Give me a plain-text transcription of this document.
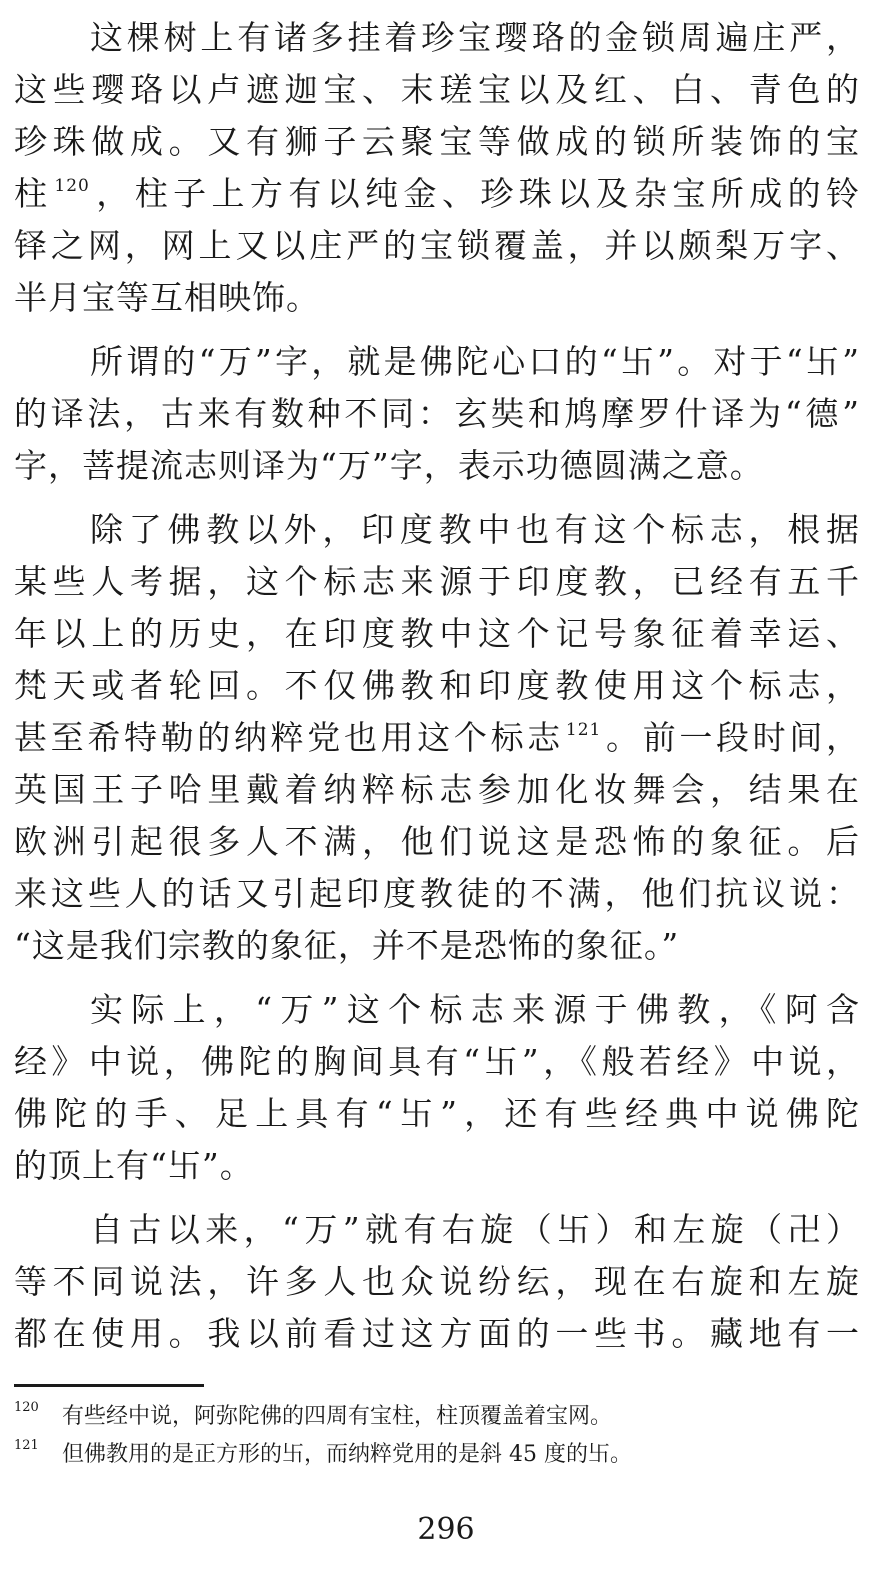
这棵树上有诸多挂着珍宝璎珞的金锁周遍庄严，
这些璎珞以卢遮迦宝、末瑳宝以及红、白、青色的
珍珠做成。又有狮子云聚宝等做成的锁所装饰的宝
柱 $^{120}$，柱子上方有以纯金、珍珠以及杂宝所成的铃
铎之网，网上又以庄严的宝锁覆盖，并以颇梨万字、
半月宝等互相映饰。
所谓的“万”字，就是佛陀心口的“卐”。对于“卐”
的译法，古来有数种不同：玄奘和鸠摩罗什译为“德”
字，菩提流志则译为“万”字，表示功德圆满之意。
除了佛教以外，印度教中也有这个标志，根据
某些人考据，这个标志来源于印度教，已经有五千
年以上的历史，在印度教中这个记号象征着幸运、
梵天或者轮回。不仅佛教和印度教使用这个标志，
甚至希特勒的纳粹党也用这个标志 $^{121}$。前一段时间，
英国王子哈里戴着纳粹标志参加化妆舞会，结果在
欧洲引起很多人不满，他们说这是恐怖的象征。后
来这些人的话又引起印度教徒的不满，他们抗议说：
“这是我们宗教的象征，并不是恐怖的象征。”
实际上，“万”这个标志来源于佛教，《阿含
经》中说，佛陀的胸间具有“卐”，《般若经》中说，
佛陀的手、足上具有“卐”，还有些经典中说佛陀
的顶上有“卐”。
自古以来，“万”就有右旋（卐）和左旋（卍）
等不同说法，许多人也众说纷纭，现在右旋和左旋
都在使用。我以前看过这方面的一些书。藏地有一
120	有些经中说，阿弥陀佛的四周有宝柱，柱顶覆盖着宝网。
121	但佛教用的是正方形的卐，而纳粹党用的是斜 45 度的卐。
296
